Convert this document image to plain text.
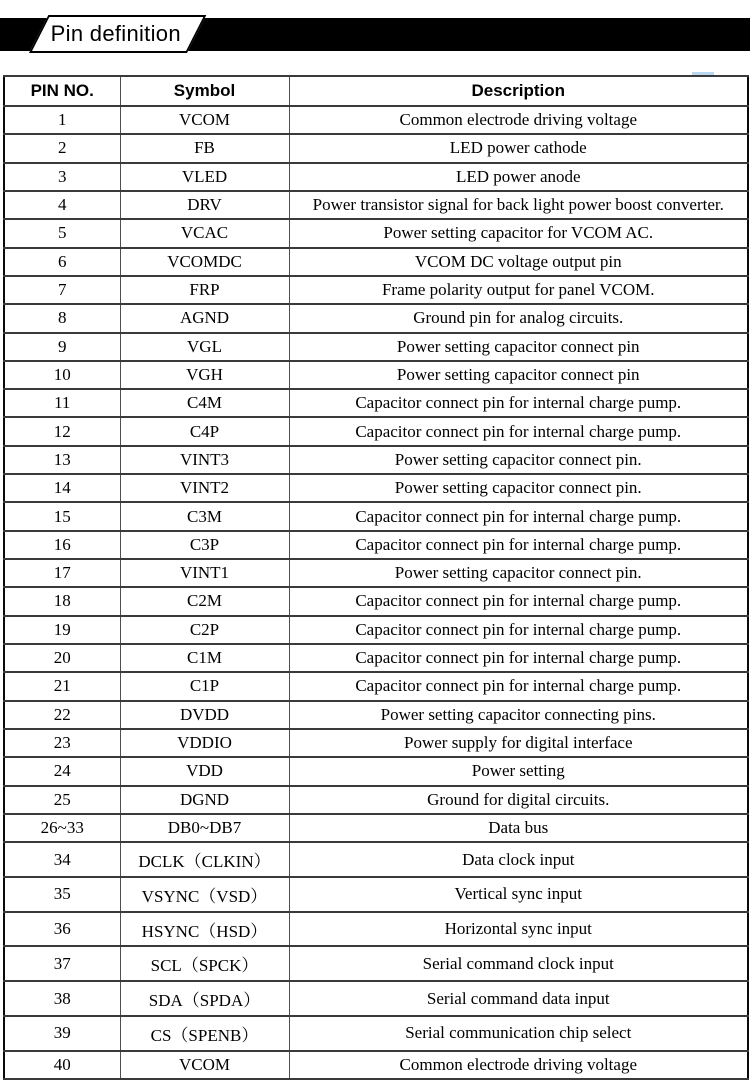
Pin definition
PIN NO.	Symbol	Description
1	VCOM	Common electrode driving voltage
2	FB	LED power cathode
3	VLED	LED power anode
4	DRV	Power transistor signal for back light power boost converter.
5	VCAC	Power setting capacitor for VCOM AC.
6	VCOMDC	VCOM DC voltage output pin
7	FRP	Frame polarity output for panel VCOM.
8	AGND	Ground pin for analog circuits.
9	VGL	Power setting capacitor connect pin
10	VGH	Power setting capacitor connect pin
11	C4M	Capacitor connect pin for internal charge pump.
12	C4P	Capacitor connect pin for internal charge pump.
13	VINT3	Power setting capacitor connect pin.
14	VINT2	Power setting capacitor connect pin.
15	C3M	Capacitor connect pin for internal charge pump.
16	C3P	Capacitor connect pin for internal charge pump.
17	VINT1	Power setting capacitor connect pin.
18	C2M	Capacitor connect pin for internal charge pump.
19	C2P	Capacitor connect pin for internal charge pump.
20	C1M	Capacitor connect pin for internal charge pump.
21	C1P	Capacitor connect pin for internal charge pump.
22	DVDD	Power setting capacitor connecting pins.
23	VDDIO	Power supply for digital interface
24	VDD	Power setting
25	DGND	Ground for digital circuits.
26~33	DB0~DB7	Data bus
34	DCLK（CLKIN）	Data clock input
35	VSYNC（VSD）	Vertical sync input
36	HSYNC（HSD）	Horizontal sync input
37	SCL（SPCK）	Serial command clock input
38	SDA（SPDA）	Serial command data input
39	CS（SPENB）	Serial communication chip select
40	VCOM	Common electrode driving voltage
